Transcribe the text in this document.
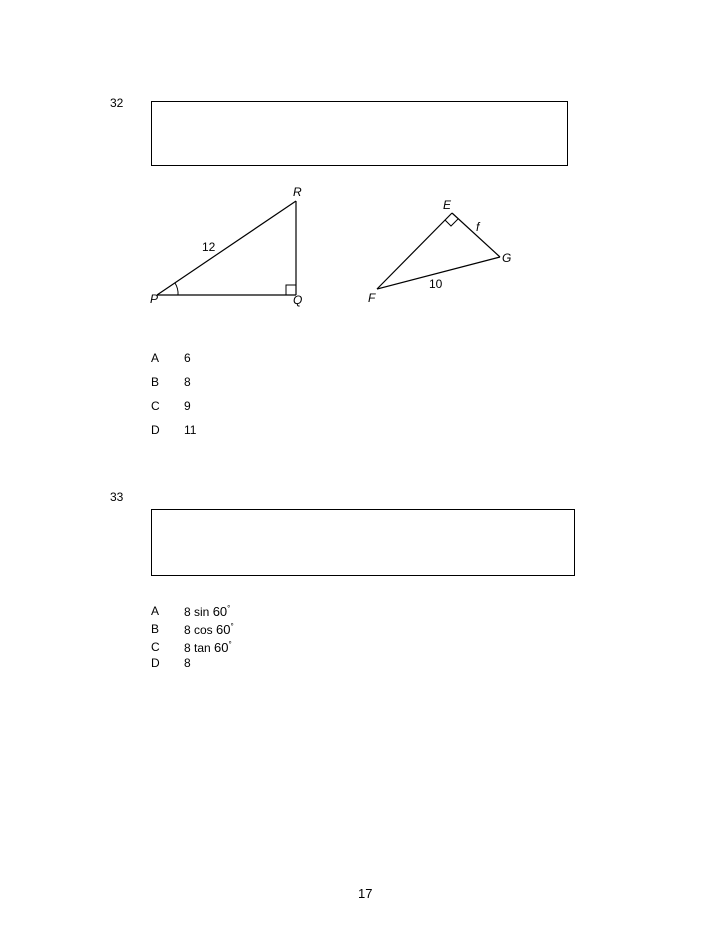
32
R
P	Q
12
E
F
G
f
10
A	6
B	8
C	9
D	11
33
A	8 sin 60°
B	8 cos 60°
C	8 tan 60°
D	8
17
